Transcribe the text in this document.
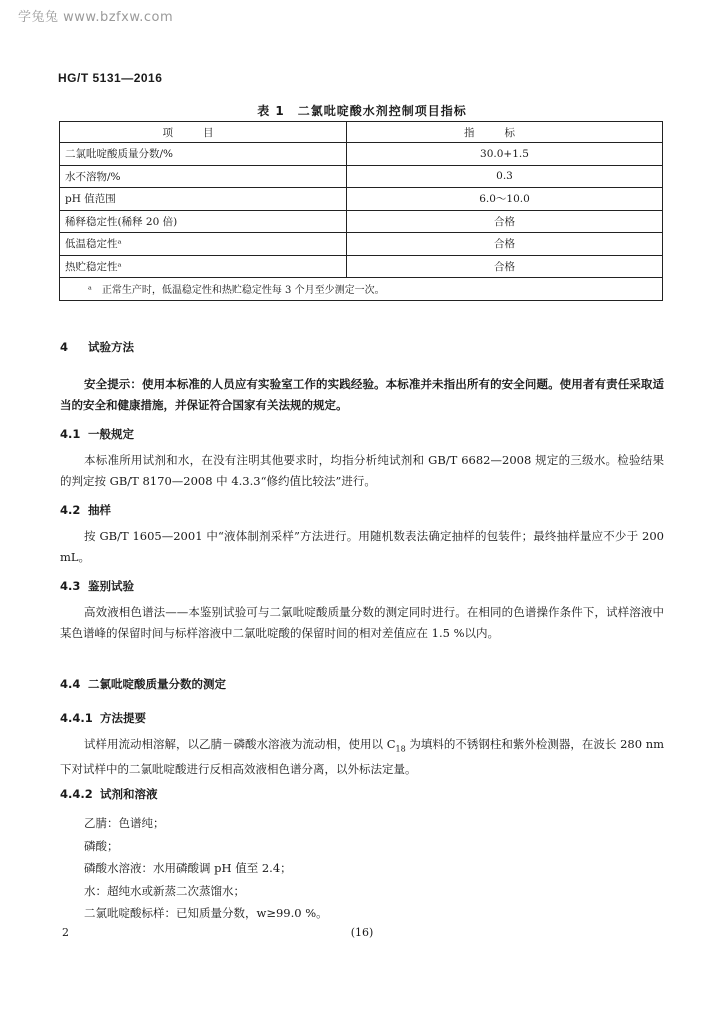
学兔兔 www.bzfxw.com
HG/T 5131—2016
表 1　二氯吡啶酸水剂控制项目指标
项目	指标
二氯吡啶酸质量分数/%	30.0+1.5
水不溶物/%	0.3
pH 值范围	6.0～10.0
稀释稳定性(稀释 20 倍)	合格
低温稳定性ᵃ	合格
热贮稳定性ᵃ	合格
ᵃ　正常生产时，低温稳定性和热贮稳定性每 3 个月至少测定一次。	
4 试验方法
安全提示：使用本标准的人员应有实验室工作的实践经验。本标准并未指出所有的安全问题。使用者有责任采取适当的安全和健康措施，并保证符合国家有关法规的规定。
4.1 一般规定
本标准所用试剂和水，在没有注明其他要求时，均指分析纯试剂和 GB/T 6682—2008 规定的三级水。检验结果的判定按 GB/T 8170—2008 中 4.3.3“修约值比较法”进行。
4.2 抽样
按 GB/T 1605—2001 中“液体制剂采样”方法进行。用随机数表法确定抽样的包装件；最终抽样量应不少于 200 mL。
4.3 鉴别试验
高效液相色谱法——本鉴别试验可与二氯吡啶酸质量分数的测定同时进行。在相同的色谱操作条件下，试样溶液中某色谱峰的保留时间与标样溶液中二氯吡啶酸的保留时间的相对差值应在 1.5 %以内。
4.4 二氯吡啶酸质量分数的测定
4.4.1 方法提要
试样用流动相溶解，以乙腈－磷酸水溶液为流动相，使用以 $C_{18}$ 为填料的不锈钢柱和紫外检测器，在波长 280 nm 下对试样中的二氯吡啶酸进行反相高效液相色谱分离，以外标法定量。
4.4.2 试剂和溶液
乙腈：色谱纯；
磷酸；
磷酸水溶液：水用磷酸调 pH 值至 2.4；
水：超纯水或新蒸二次蒸馏水；
二氯吡啶酸标样：已知质量分数，w≥99.0 %。
2	(16)
